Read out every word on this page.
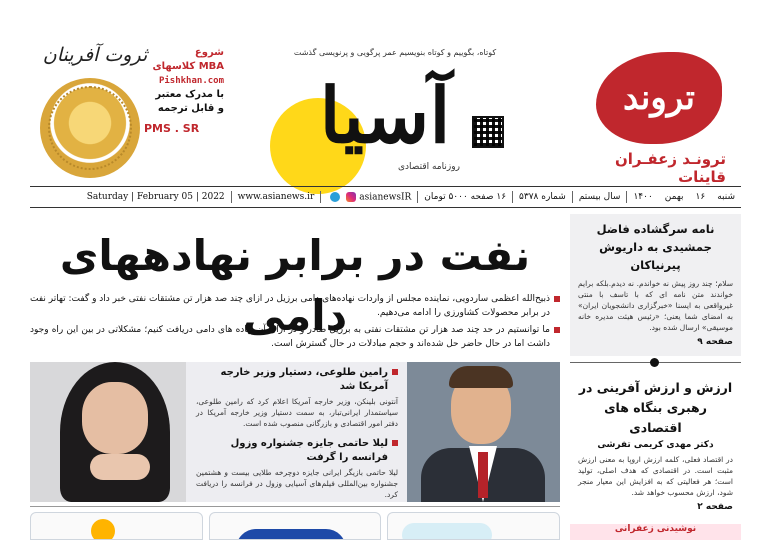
ثروت آفرینان	شروع
MBA کلاسهای
Pishkhan.com
با مدرک معتبر
و قابل ترجمه
PMS . SR
کوتاه، بگوییم و کوتاه بنویسیم عمر پرگویی و پرنویسی گذشت
آسیا
روزنامه اقتصادی
تروند
ترونـد زعفـران قاینات
شنبه
۱۶
بهمن
۱۴۰۰
سال بیستم
شماره ۵۳۷۸
۱۶ صفحه ۵۰۰۰ تومان
asianewsIR
www.asianews.ir
Saturday | February 05 | 2022
نامه سرگشاده فاضل جمشیدی به داریوش پیرنیاکان
سلام؛ چند روز پیش نه خواندم. نه دیدم.بلکه برایم خواندند متن نامه ای که با تاسف با منتی غیرواقعی به ایسنا «خبرگزاری دانشجویان ایران» به امضای شما یعنی؛ «رئیس هیئت مدیره خانه موسیقی» ارسال شده بود.
صفحه ۹
ارزش و ارزش آفرینی در رهبری بنگاه های اقتصادی
دکتر مهدی کریمی تفرشی
در اقتصاد فعلی، کلمه ارزش اروپا به معنی ارزش مثبت است. در اقتصادی که هدف اصلی، تولید است؛ هر فعالیتی که به افزایش این معیار منجر شود، ارزش محسوب خواهد شد.
صفحه ۲
نوشیدنی زعفرانی
نفت در برابر نهادههای دامی

ذبیح‌الله اعظمی ساردویی، نماینده مجلس از واردات نهاده‌های دامی برزیل در ازای چند صد هزار تن مشتقات نفتی خبر داد و گفت: تهاتر نفت در برابر محصولات کشاورزی را ادامه می‌دهیم.

ما توانستیم در حد چند صد هزار تن مشتقات نفتی به برزیل صادر و در ازای آن نهاده های دامی دریافت کنیم؛ مشکلاتی در بین این راه وجود داشت اما در حال حاضر حل شده‌اند و حجم مبادلات در حال گسترش است.

رامین طلوعی، دستیار وزیر خارجه آمریکا شد
آنتونی بلینکن، وزیر خارجه آمریکا اعلام کرد که رامین طلوعی، سیاستمدار ایرانی‌تبار، به سمت دستیار وزیر خارجه آمریکا در دفتر امور اقتصادی و بازرگانی منصوب شده است.
لیلا حاتمی جایزه جشنواره وزول فرانسه را گرفت
لیلا حاتمی بازیگر ایرانی جایزه دوچرخه طلایی بیست و هشتمین جشنواره بین‌المللی فیلم‌های آسیایی وزول در فرانسه را دریافت کرد.
